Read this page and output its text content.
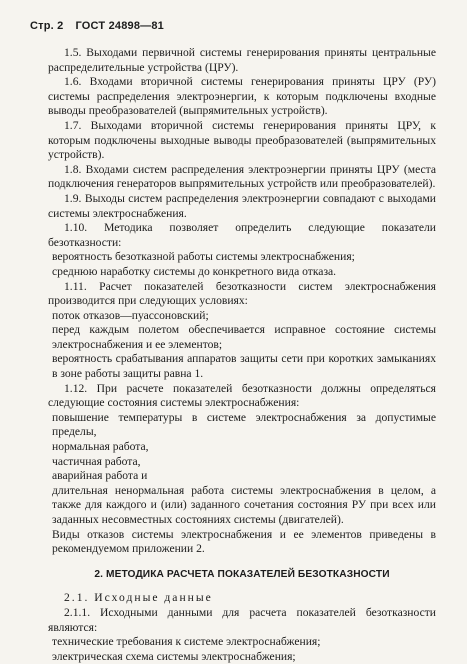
Стр. 2 ГОСТ 24898—81

1.5. Выходами первичной системы генерирования приняты центральные распределительные устройства (ЦРУ).

1.6. Входами вторичной системы генерирования приняты ЦРУ (РУ) системы распределения электроэнергии, к которым подключены входные выводы преобразователей (выпрямительных устройств).

1.7. Выходами вторичной системы генерирования приняты ЦРУ, к которым подключены выходные выводы преобразователей (выпрямительных устройств).

1.8. Входами систем распределения электроэнергии приняты ЦРУ (места подключения генераторов выпрямительных устройств или преобразователей).

1.9. Выходы систем распределения электроэнергии совпадают с выходами системы электроснабжения.

1.10. Методика позволяет определить следующие показатели безотказности:

вероятность безотказной работы системы электроснабжения;

среднюю наработку системы до конкретного вида отказа.

1.11. Расчет показателей безотказности систем электроснабжения производится при следующих условиях:

поток отказов—пуассоновский;

перед каждым полетом обеспечивается исправное состояние системы электроснабжения и ее элементов;

вероятность срабатывания аппаратов защиты сети при коротких замыканиях в зоне работы защиты равна 1.

1.12. При расчете показателей безотказности должны определяться следующие состояния системы электроснабжения:

повышение температуры в системе электроснабжения за допустимые пределы,

нормальная работа,

частичная работа,

аварийная работа и

длительная ненормальная работа системы электроснабжения в целом, а также для каждого и (или) заданного сочетания состояния РУ при всех или заданных несовместных состояниях системы (двигателей).

Виды отказов системы электроснабжения и ее элементов приведены в рекомендуемом приложении 2.

2. МЕТОДИКА РАСЧЕТА ПОКАЗАТЕЛЕЙ БЕЗОТКАЗНОСТИ

2.1. Исходные данные

2.1.1. Исходными данными для расчета показателей безотказности являются:

технические требования к системе электроснабжения;

электрическая схема системы электроснабжения;
